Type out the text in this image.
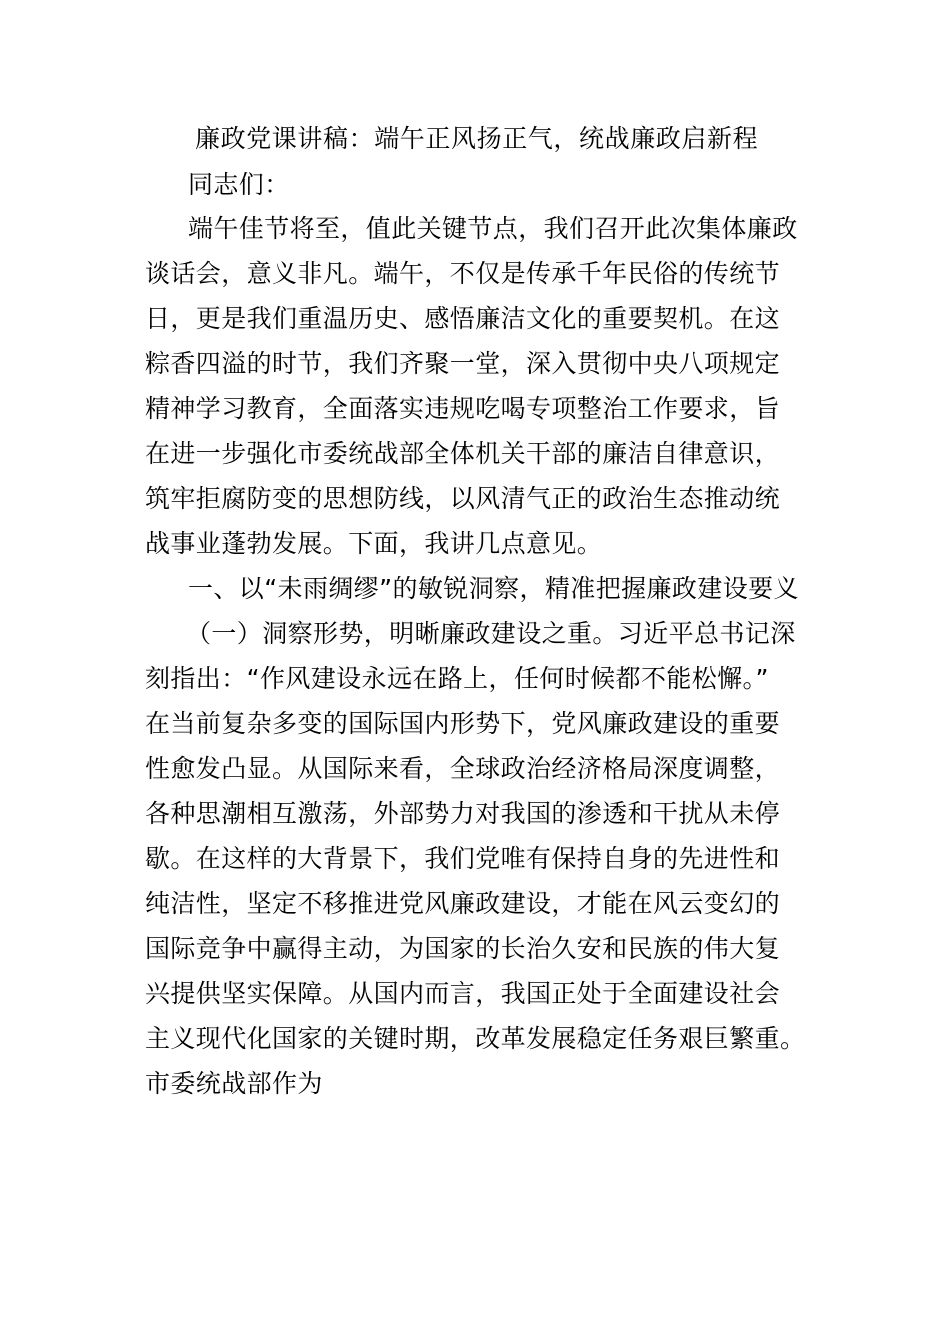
廉政党课讲稿：端午正风扬正气，统战廉政启新程
同志们：
端午佳节将至，值此关键节点，我们召开此次集体廉政
谈话会，意义非凡。端午，不仅是传承千年民俗的传统节
日，更是我们重温历史、感悟廉洁文化的重要契机。在这
粽香四溢的时节，我们齐聚一堂，深入贯彻中央八项规定
精神学习教育，全面落实违规吃喝专项整治工作要求，旨
在进一步强化市委统战部全体机关干部的廉洁自律意识，
筑牢拒腐防变的思想防线，以风清气正的政治生态推动统
战事业蓬勃发展。下面，我讲几点意见。
一、以“未雨绸缪”的敏锐洞察，精准把握廉政建设要义
（一）洞察形势，明晰廉政建设之重。习近平总书记深
刻指出：“作风建设永远在路上，任何时候都不能松懈。”
在当前复杂多变的国际国内形势下，党风廉政建设的重要
性愈发凸显。从国际来看，全球政治经济格局深度调整，
各种思潮相互激荡，外部势力对我国的渗透和干扰从未停
歇。在这样的大背景下，我们党唯有保持自身的先进性和
纯洁性，坚定不移推进党风廉政建设，才能在风云变幻的
国际竞争中赢得主动，为国家的长治久安和民族的伟大复
兴提供坚实保障。从国内而言，我国正处于全面建设社会
主义现代化国家的关键时期，改革发展稳定任务艰巨繁重。
市委统战部作为
